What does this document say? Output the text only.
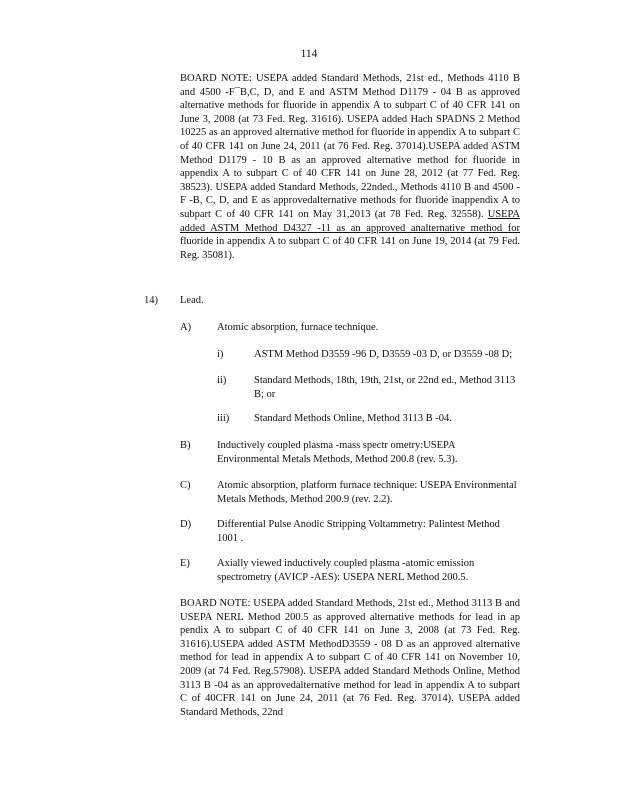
114
BOARD NOTE: USEPA added Standard Methods, 21st ed., Methods 4110 B and 4500 -F¯B,C, D, and E and ASTM Method D1179 - 04 B as approved alternative methods for fluoride in appendix A to subpart C of 40 CFR 141 on June 3, 2008 (at 73 Fed. Reg. 31616). USEPA added Hach SPADNS 2 Method 10225 as an approved alternative method for fluoride in appendix A to subpart C of 40 CFR 141 on June 24, 2011 (at 76 Fed. Reg. 37014).USEPA added ASTM Method D1179 - 10 B as an approved alternative method for fluoride in appendix A to subpart C of 40 CFR 141 on June 28, 2012 (at 77 Fed. Reg. 38523). USEPA added Standard Methods, 22nded., Methods 4110 B and 4500 -F -B, C, D, and E as approvedalternative methods for fluoride inappendix A to subpart C of 40 CFR 141 on May 31,2013 (at 78 Fed. Reg. 32558). USEPA added ASTM Method D4327 -11 as an approved analternative method for fluoride in appendix A to subpart C of 40 CFR 141 on June 19, 2014 (at 79 Fed. Reg. 35081).
14) Lead.
A) Atomic absorption, furnace technique.
i)	ASTM Method D3559 -96 D, D3559 -03 D, or D3559 -08 D;
ii)	Standard Methods, 18th, 19th, 21st, or 22nd ed., Method 3113 B; or
iii) Standard Methods Online, Method 3113 B -04.
B)	Inductively coupled plasma -mass spectr ometry:USEPA Environmental Metals Methods, Method 200.8 (rev. 5.3).
C)	Atomic absorption, platform furnace technique: USEPA Environmental Metals Methods, Method 200.9 (rev. 2.2).
D) Differential Pulse Anodic Stripping Voltammetry: Palintest Method 1001 .
E)	Axially viewed inductively coupled plasma -atomic emission spectrometry (AVICP -AES): USEPA NERL Method 200.5.
BOARD NOTE: USEPA added Standard Methods, 21st ed., Method 3113 B and USEPA NERL Method 200.5 as approved alternative methods for lead in ap pendix A to subpart C of 40 CFR 141 on June 3, 2008 (at 73 Fed. Reg. 31616).USEPA added ASTM MethodD3559 - 08 D as an approved alternative method for lead in appendix A to subpart C of 40 CFR 141 on November 10, 2009 (at 74 Fed. Reg.57908). USEPA added Standard Methods Online, Method 3113 B -04 as an approvedalternative method for lead in appendix A to subpart C of 40CFR 141 on June 24, 2011 (at 76 Fed. Reg. 37014). USEPA added Standard Methods, 22nd
